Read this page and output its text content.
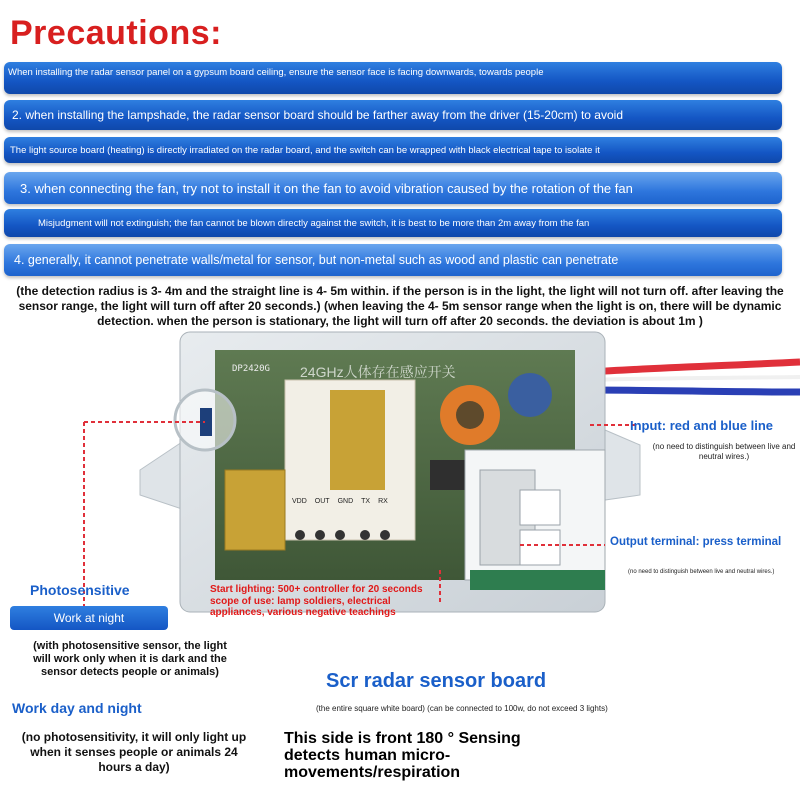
Precautions:
When installing the radar sensor panel on a gypsum board ceiling, ensure the sensor face is facing downwards, towards people
2. when installing the lampshade, the radar sensor board should be farther away from the driver (15-20cm) to avoid
The light source board (heating) is directly irradiated on the radar board, and the switch can be wrapped with black electrical tape to isolate it
3. when connecting the fan, try not to install it on the fan to avoid vibration caused by the rotation of the fan
Misjudgment will not extinguish; the fan cannot be blown directly against the switch, it is best to be more than 2m away from the fan
4. generally, it cannot penetrate walls/metal for sensor, but non-metal such as wood and plastic can penetrate
(the detection radius is 3- 4m and the straight line is 4- 5m within. if the person is in the light, the light will not turn off. after leaving the sensor range, the light will turn off after 20 seconds.) (when leaving the 4- 5m sensor range when the light is on, there will be dynamic detection. when the person is stationary, the light will turn off after 20 seconds. the deviation is about 1m )
DP2420G 24GHz人体存在感应开关
VDD OUT GND TX RX
Input: red and blue line
(no need to distinguish between live and neutral wires.)
Output terminal: press terminal
(no need to distinguish between live and neutral wires.)
Start lighting: 500+ controller for 20 seconds
scope of use: lamp soldiers, electrical appliances, various negative teachings
Photosensitive
Work at night
(with photosensitive sensor, the light will work only when it is dark and the sensor detects people or animals)
Work day and night
(no photosensitivity, it will only light up when it senses people or animals 24 hours a day)
Scr radar sensor board
(the entire square white board) (can be connected to 100w, do not exceed 3 lights)
This side is front 180 ° Sensing detects human micro-movements/respiration
